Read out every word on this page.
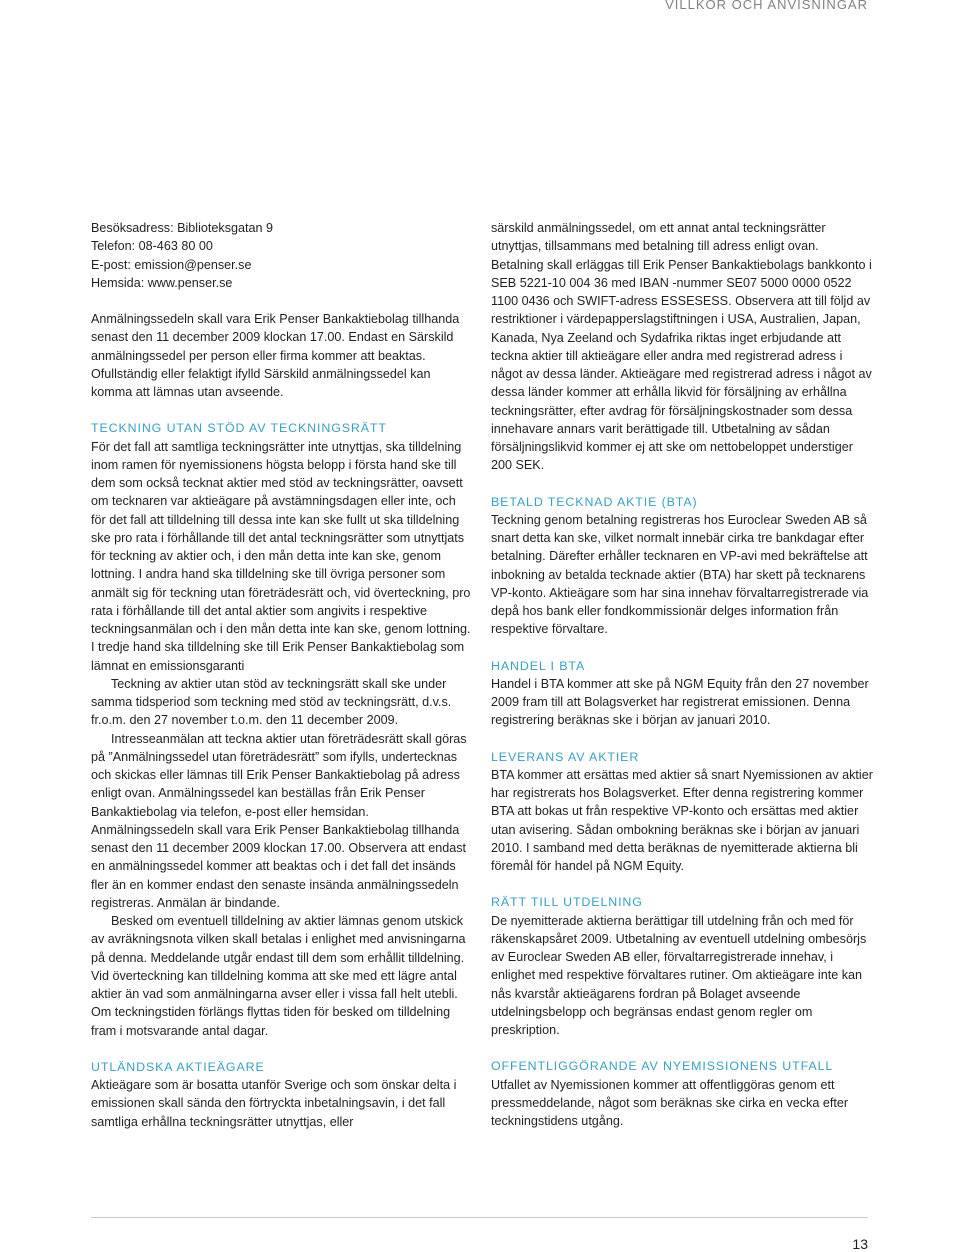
VILLKOR OCH ANVISNINGAR

Besöksadress: Biblioteksgatan 9

Telefon: 08-463 80 00

E-post: emission@penser.se

Hemsida: www.penser.se

Anmälningssedeln skall vara Erik Penser Bankaktiebolag tillhanda senast den 11 december 2009 klockan 17.00. Endast en Särskild anmälningssedel per person eller firma kommer att beaktas. Ofullständig eller felaktigt ifylld Särskild anmälningssedel kan komma att lämnas utan avseende.

TECKNING UTAN STÖD AV TECKNINGSRÄTT

För det fall att samtliga teckningsrätter inte utnyttjas, ska tilldelning inom ramen för nyemissionens högsta belopp i första hand ske till dem som också tecknat aktier med stöd av teckningsrätter, oavsett om tecknaren var aktieägare på avstämningsdagen eller inte, och för det fall att tilldelning till dessa inte kan ske fullt ut ska tilldelning ske pro rata i förhållande till det antal teckningsrätter som utnyttjats för teckning av aktier och, i den mån detta inte kan ske, genom lottning. I andra hand ska tilldelning ske till övriga personer som anmält sig för teckning utan företrädesrätt och, vid överteckning, pro rata i förhållande till det antal aktier som angivits i respektive teckningsanmälan och i den mån detta inte kan ske, genom lottning. I tredje hand ska tilldelning ske till Erik Penser Bankaktiebolag som lämnat en emissionsgaranti

Teckning av aktier utan stöd av teckningsrätt skall ske under samma tidsperiod som teckning med stöd av teckningsrätt, d.v.s. fr.o.m. den 27 november t.o.m. den 11 december 2009.

Intresseanmälan att teckna aktier utan företrädesrätt skall göras på ”Anmälningssedel utan företrädesrätt” som ifylls, undertecknas och skickas eller lämnas till Erik Penser Bankaktiebolag på adress enligt ovan. Anmälningssedel kan beställas från Erik Penser Bankaktiebolag via telefon, e-post eller hemsidan. Anmälningssedeln skall vara Erik Penser Bankaktiebolag tillhanda senast den 11 december 2009 klockan 17.00. Observera att endast en anmälningssedel kommer att beaktas och i det fall det insänds fler än en kommer endast den senaste insända anmälningssedeln registreras. Anmälan är bindande.

Besked om eventuell tilldelning av aktier lämnas genom utskick av avräkningsnota vilken skall betalas i enlighet med anvisningarna på denna. Meddelande utgår endast till dem som erhållit tilldelning. Vid överteckning kan tilldelning komma att ske med ett lägre antal aktier än vad som anmälningarna avser eller i vissa fall helt utebli. Om teckningstiden förlängs flyttas tiden för besked om tilldelning fram i motsvarande antal dagar.

UTLÄNDSKA AKTIEÄGARE

Aktieägare som är bosatta utanför Sverige och som önskar delta i emissionen skall sända den förtryckta inbetalningsavin, i det fall samtliga erhållna teckningsrätter utnyttjas, eller

särskild anmälningssedel, om ett annat antal teckningsrätter utnyttjas, tillsammans med betalning till adress enligt ovan. Betalning skall erläggas till Erik Penser Bankaktiebolags bankkonto i SEB 5221-10 004 36 med IBAN -nummer SE07 5000 0000 0522 1100 0436 och SWIFT-adress ESSESESS. Observera att till följd av restriktioner i värdepapperslagstiftningen i USA, Australien, Japan, Kanada, Nya Zeeland och Sydafrika riktas inget erbjudande att teckna aktier till aktieägare eller andra med registrerad adress i något av dessa länder. Aktieägare med registrerad adress i något av dessa länder kommer att erhålla likvid för försäljning av erhållna teckningsrätter, efter avdrag för försäljningskostnader som dessa innehavare annars varit berättigade till. Utbetalning av sådan försäljningslikvid kommer ej att ske om nettobeloppet understiger 200 SEK.

BETALD TECKNAD AKTIE (BTA)

Teckning genom betalning registreras hos Euroclear Sweden AB så snart detta kan ske, vilket normalt innebär cirka tre bankdagar efter betalning. Därefter erhåller tecknaren en VP-avi med bekräftelse att inbokning av betalda tecknade aktier (BTA) har skett på tecknarens VP-konto. Aktieägare som har sina innehav förvaltarregistrerade via depå hos bank eller fondkommissionär delges information från respektive förvaltare.

HANDEL I BTA

Handel i BTA kommer att ske på NGM Equity från den 27 november 2009 fram till att Bolagsverket har registrerat emissionen. Denna registrering beräknas ske i början av januari 2010.

LEVERANS AV AKTIER

BTA kommer att ersättas med aktier så snart Nyemissionen av aktier har registrerats hos Bolagsverket. Efter denna registrering kommer BTA att bokas ut från respektive VP-konto och ersättas med aktier utan avisering. Sådan ombokning beräknas ske i början av januari 2010. I samband med detta beräknas de nyemitterade aktierna bli föremål för handel på NGM Equity.

RÄTT TILL UTDELNING

De nyemitterade aktierna berättigar till utdelning från och med för räkenskapsåret 2009. Utbetalning av eventuell utdelning ombesörjs av Euroclear Sweden AB eller, förvaltarregistrerade innehav, i enlighet med respektive förvaltares rutiner. Om aktieägare inte kan nås kvarstår aktieägarens fordran på Bolaget avseende utdelningsbelopp och begränsas endast genom regler om preskription.

OFFENTLIGGÖRANDE AV NYEMISSIONENS UTFALL

Utfallet av Nyemissionen kommer att offentliggöras genom ett pressmeddelande, något som beräknas ske cirka en vecka efter teckningstidens utgång.

13
